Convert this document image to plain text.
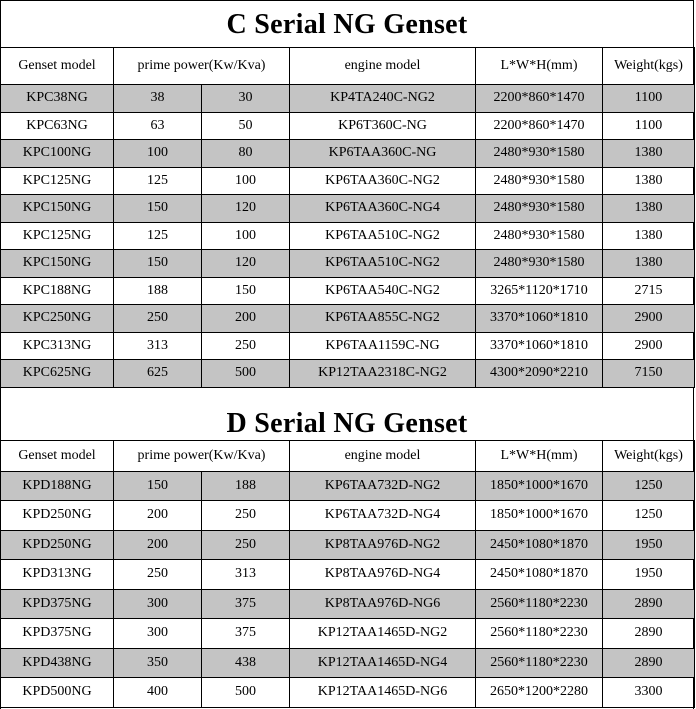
C Serial NG Genset
Genset model	prime power(Kw/Kva)		engine model	L*W*H(mm)	Weight(kgs)
KPC38NG	38	30	KP4TA240C-NG2	2200*860*1470	1100
KPC63NG	63	50	KP6T360C-NG	2200*860*1470	1100
KPC100NG	100	80	KP6TAA360C-NG	2480*930*1580	1380
KPC125NG	125	100	KP6TAA360C-NG2	2480*930*1580	1380
KPC150NG	150	120	KP6TAA360C-NG4	2480*930*1580	1380
KPC125NG	125	100	KP6TAA510C-NG2	2480*930*1580	1380
KPC150NG	150	120	KP6TAA510C-NG2	2480*930*1580	1380
KPC188NG	188	150	KP6TAA540C-NG2	3265*1120*1710	2715
KPC250NG	250	200	KP6TAA855C-NG2	3370*1060*1810	2900
KPC313NG	313	250	KP6TAA1159C-NG	3370*1060*1810	2900
KPC625NG	625	500	KP12TAA2318C-NG2	4300*2090*2210	7150
D Serial NG Genset
Genset model	prime power(Kw/Kva)		engine model	L*W*H(mm)	Weight(kgs)
KPD188NG	150	188	KP6TAA732D-NG2	1850*1000*1670	1250
KPD250NG	200	250	KP6TAA732D-NG4	1850*1000*1670	1250
KPD250NG	200	250	KP8TAA976D-NG2	2450*1080*1870	1950
KPD313NG	250	313	KP8TAA976D-NG4	2450*1080*1870	1950
KPD375NG	300	375	KP8TAA976D-NG6	2560*1180*2230	2890
KPD375NG	300	375	KP12TAA1465D-NG2	2560*1180*2230	2890
KPD438NG	350	438	KP12TAA1465D-NG4	2560*1180*2230	2890
KPD500NG	400	500	KP12TAA1465D-NG6	2650*1200*2280	3300
